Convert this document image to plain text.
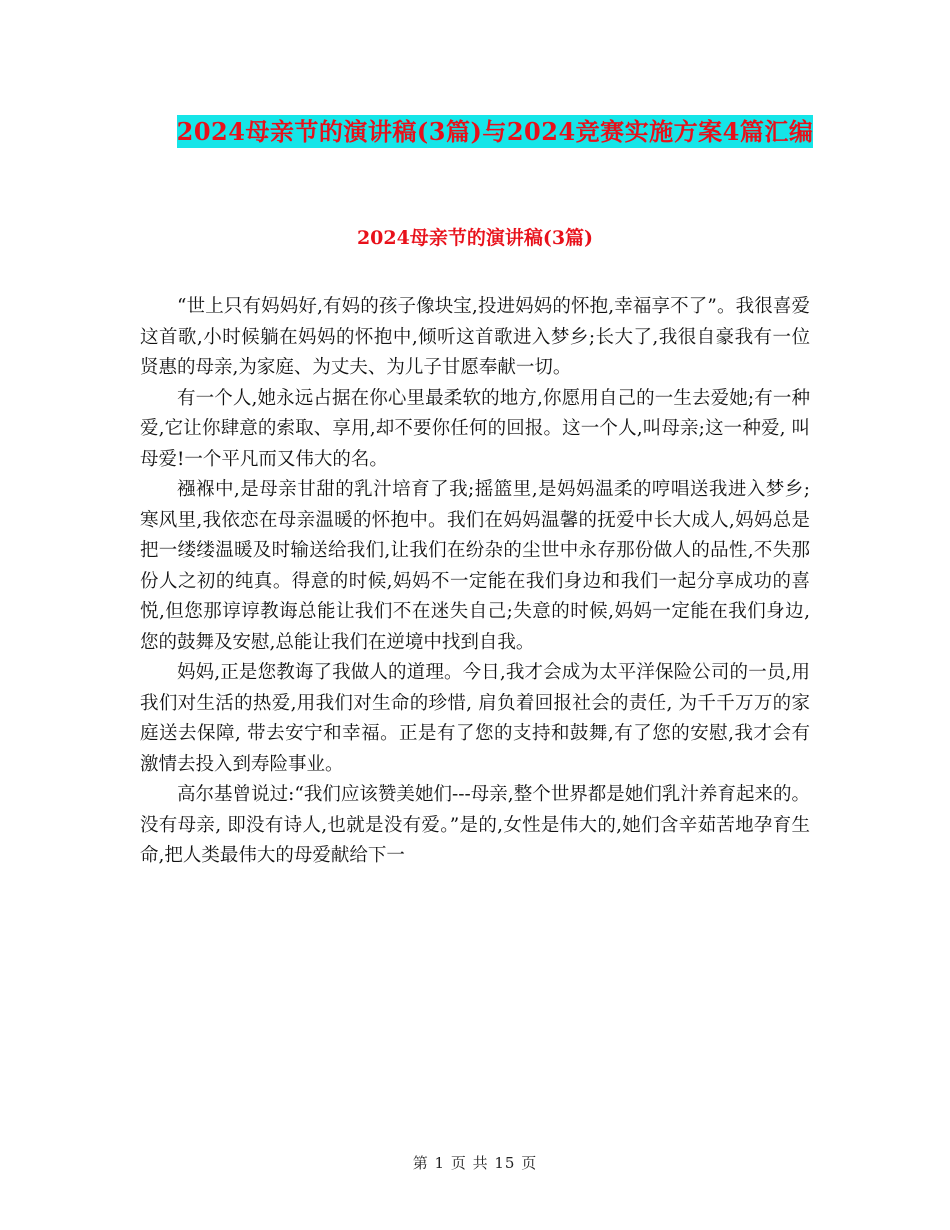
2024母亲节的演讲稿(3篇)与2024竞赛实施方案4篇汇编
2024母亲节的演讲稿(3篇)

“世上只有妈妈好,有妈的孩子像块宝,投进妈妈的怀抱,幸福享不了”。我很喜爱这首歌,小时候躺在妈妈的怀抱中,倾听这首歌进入梦乡;长大了,我很自豪我有一位贤惠的母亲,为家庭、为丈夫、为儿子甘愿奉献一切。

有一个人,她永远占据在你心里最柔软的地方,你愿用自己的一生去爱她;有一种爱,它让你肆意的索取、享用,却不要你任何的回报。这一个人,叫母亲;这一种爱, 叫母爱!一个平凡而又伟大的名。

襁褓中,是母亲甘甜的乳汁培育了我;摇篮里,是妈妈温柔的哼唱送我进入梦乡;寒风里,我依恋在母亲温暖的怀抱中。我们在妈妈温馨的抚爱中长大成人,妈妈总是把一缕缕温暖及时输送给我们,让我们在纷杂的尘世中永存那份做人的品性,不失那份人之初的纯真。得意的时候,妈妈不一定能在我们身边和我们一起分享成功的喜悦,但您那谆谆教诲总能让我们不在迷失自己;失意的时候,妈妈一定能在我们身边,您的鼓舞及安慰,总能让我们在逆境中找到自我。

妈妈,正是您教诲了我做人的道理。今日,我才会成为太平洋保险公司的一员,用我们对生活的热爱,用我们对生命的珍惜, 肩负着回报社会的责任, 为千千万万的家庭送去保障, 带去安宁和幸福。正是有了您的支持和鼓舞,有了您的安慰,我才会有激情去投入到寿险事业。

高尔基曾说过:“我们应该赞美她们---母亲,整个世界都是她们乳汁养育起来的。没有母亲, 即没有诗人,也就是没有爱。”是的,女性是伟大的,她们含辛茹苦地孕育生命,把人类最伟大的母爱献给下一

第 1 页 共 15 页
